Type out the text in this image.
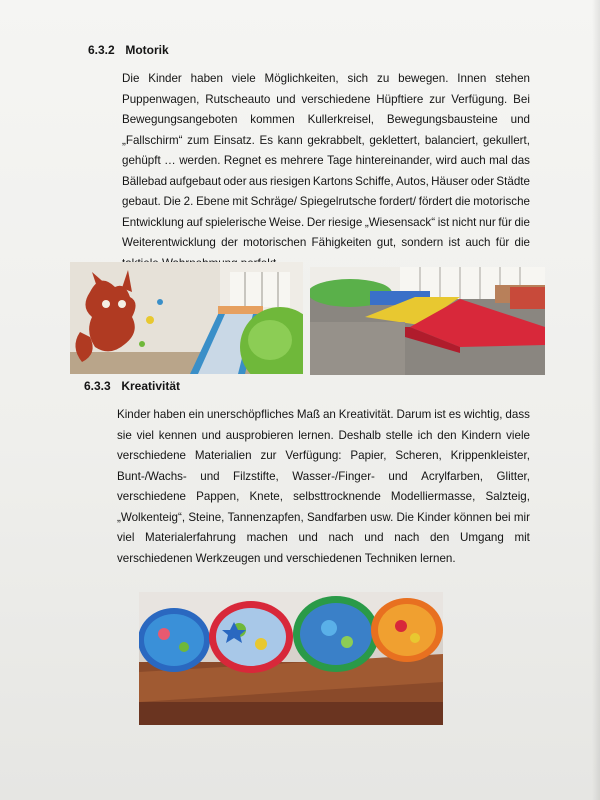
6.3.2 Motorik
Die Kinder haben viele Möglichkeiten, sich zu bewegen. Innen stehen
Puppenwagen, Rutscheauto und verschiedene Hüpftiere zur Verfügung. Bei
Bewegungsangeboten kommen Kullerkreisel, Bewegungsbausteine und
„Fallschirm“ zum Einsatz. Es kann gekrabbelt, geklettert, balanciert, gekullert,
gehüpft … werden. Regnet es mehrere Tage hintereinander, wird auch mal das
Bällebad aufgebaut oder aus riesigen Kartons Schiffe, Autos, Häuser oder Städte
gebaut. Die 2. Ebene mit Schräge/ Spiegelrutsche fordert/ fördert die motorische
Entwicklung auf spielerische Weise. Der riesige „Wiesensack“ ist nicht nur für die
Weiterentwicklung der motorischen Fähigkeiten gut, sondern ist auch für die
6.3.3 Kreativität
Kinder haben ein unerschöpfliches Maß an Kreativität. Darum ist es wichtig, dass
sie viel kennen und ausprobieren lernen. Deshalb stelle ich den Kindern viele
verschiedene Materialien zur Verfügung: Papier, Scheren, Krippenkleister,
Bunt-/Wachs- und Filzstifte, Wasser-/Finger- und Acrylfarben, Glitter,
verschiedene Pappen, Knete, selbsttrocknende Modelliermasse, Salzteig,
„Wolkenteig“, Steine, Tannenzapfen, Sandfarben usw. Die Kinder können bei mir
viel Materialerfahrung machen und nach und nach den Umgang mit
verschiedenen Werkzeugen und verschiedenen Techniken lernen.
